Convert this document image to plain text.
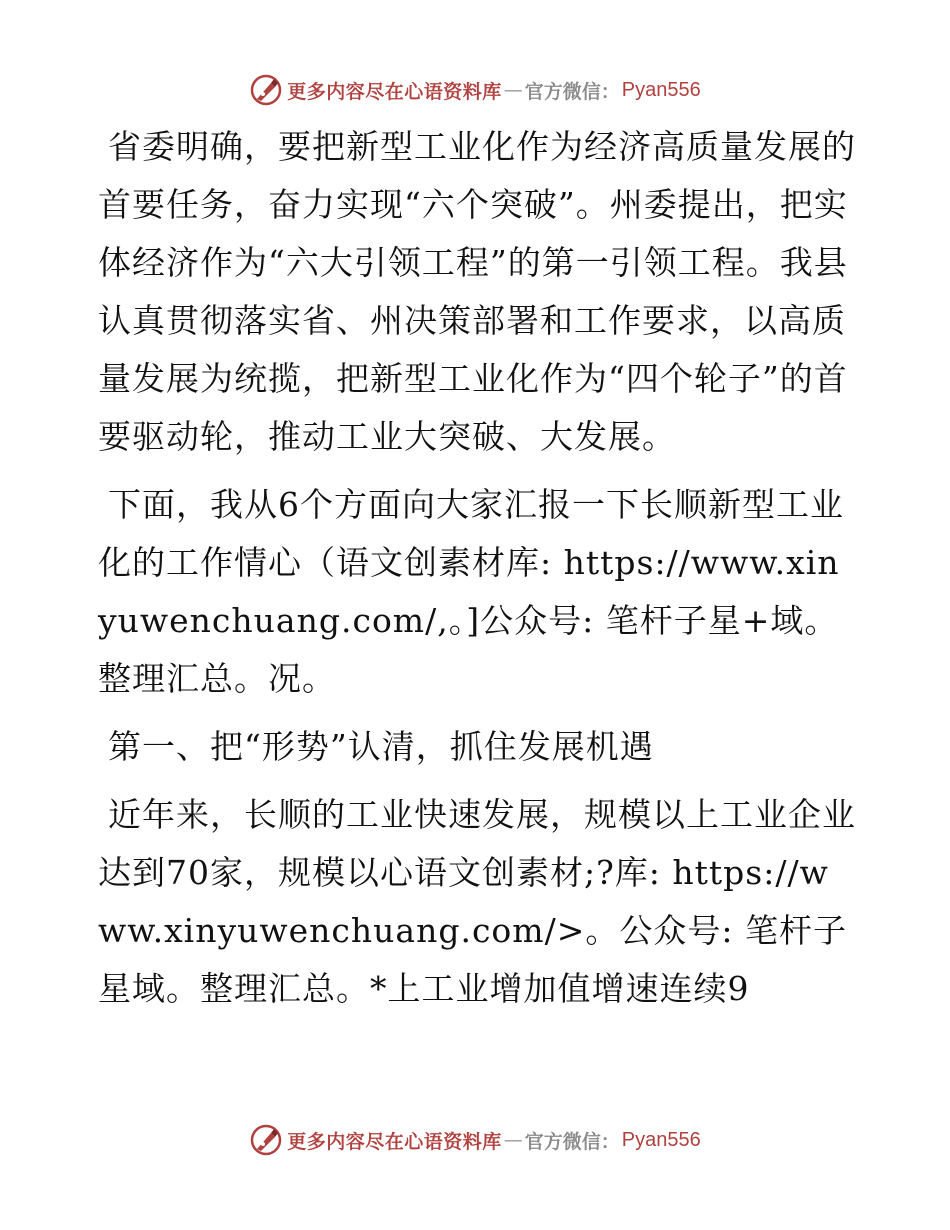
更多内容尽在心语资料库 — 官方微信： Pyan556

省委明确，要把新型工业化作为经济高质量发展的首要任务，奋力实现“六个突破”。州委提出，把实体经济作为“六大引领工程”的第一引领工程。我县认真贯彻落实省、州决策部署和工作要求，以高质量发展为统揽，把新型工业化作为“四个轮子”的首要驱动轮，推动工业大突破、大发展。

下面，我从6个方面向大家汇报一下长顺新型工业化的工作情心（语文创素材库: https://www.xinyuwenchuang.com/,。]公众号: 笔杆子星+域。整理汇总。况。

第一、把“形势”认清，抓住发展机遇

近年来，长顺的工业快速发展，规模以上工业企业达到70家，规模以心语文创素材;?库: https://www.xinyuwenchuang.com/>。公众号: 笔杆子星域。整理汇总。*上工业增加值增速连续9

更多内容尽在心语资料库 — 官方微信： Pyan556
